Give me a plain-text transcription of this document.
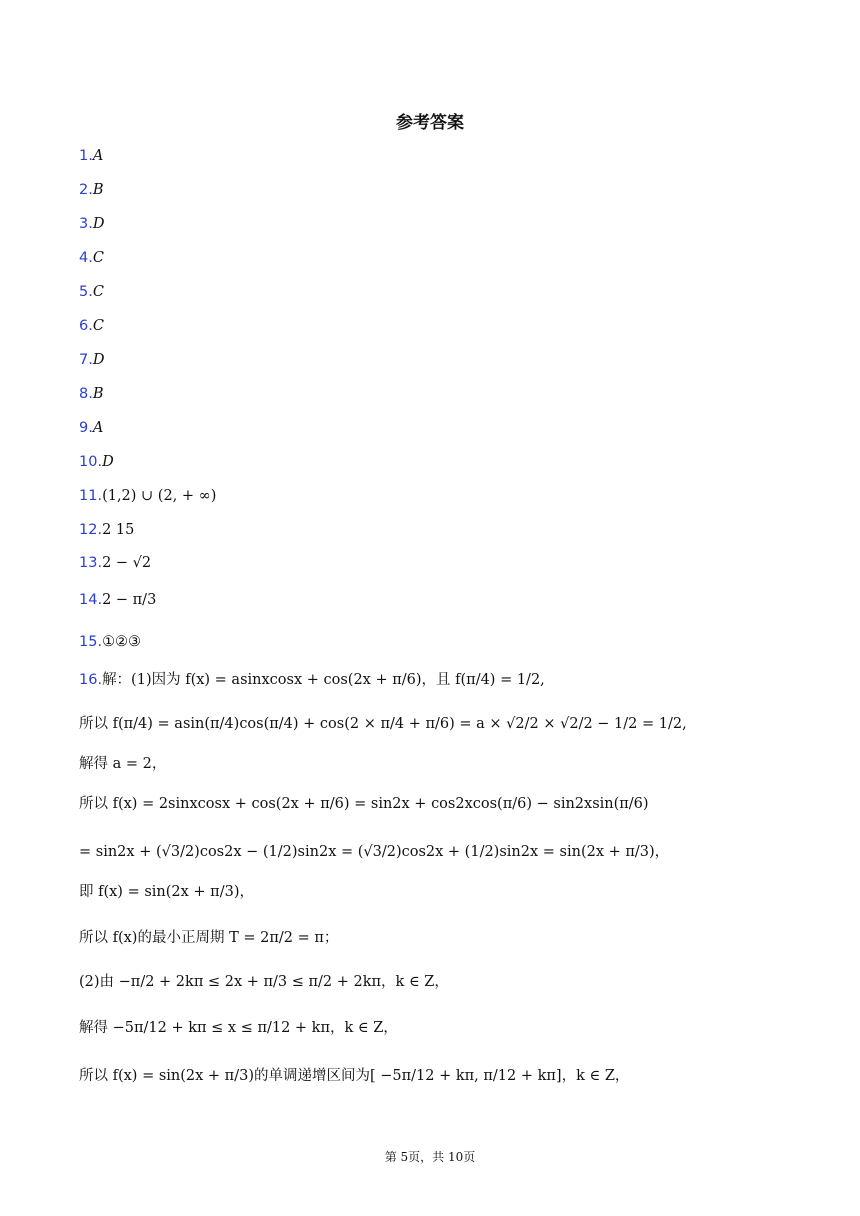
参考答案
1.A
2.B
3.D
4.C
5.C
6.C
7.D
8.B
9.A
10.D
11.(1,2) ∪ (2, + ∞)
12.2 15
13.2 − √2
14.2 − π/3
15.①②③
16.解：(1)因为 f(x) = asinxcosx + cos(2x + π/6)，且 f(π/4) = 1/2,
所以 f(π/4) = asin(π/4)cos(π/4) + cos(2 × π/4 + π/6) = a × √2/2 × √2/2 − 1/2 = 1/2,
解得 a = 2，
所以 f(x) = 2sinxcosx + cos(2x + π/6) = sin2x + cos2xcos(π/6) − sin2xsin(π/6)
= sin2x + (√3/2)cos2x − (1/2)sin2x = (√3/2)cos2x + (1/2)sin2x = sin(2x + π/3)，
即 f(x) = sin(2x + π/3)，
所以 f(x)的最小正周期 T = 2π/2 = π；
(2)由 −π/2 + 2kπ ≤ 2x + π/3 ≤ π/2 + 2kπ，k ∈ Z，
解得 −5π/12 + kπ ≤ x ≤ π/12 + kπ，k ∈ Z，
所以 f(x) = sin(2x + π/3)的单调递增区间为[ −5π/12 + kπ, π/12 + kπ]，k ∈ Z，
第 5页，共 10页
